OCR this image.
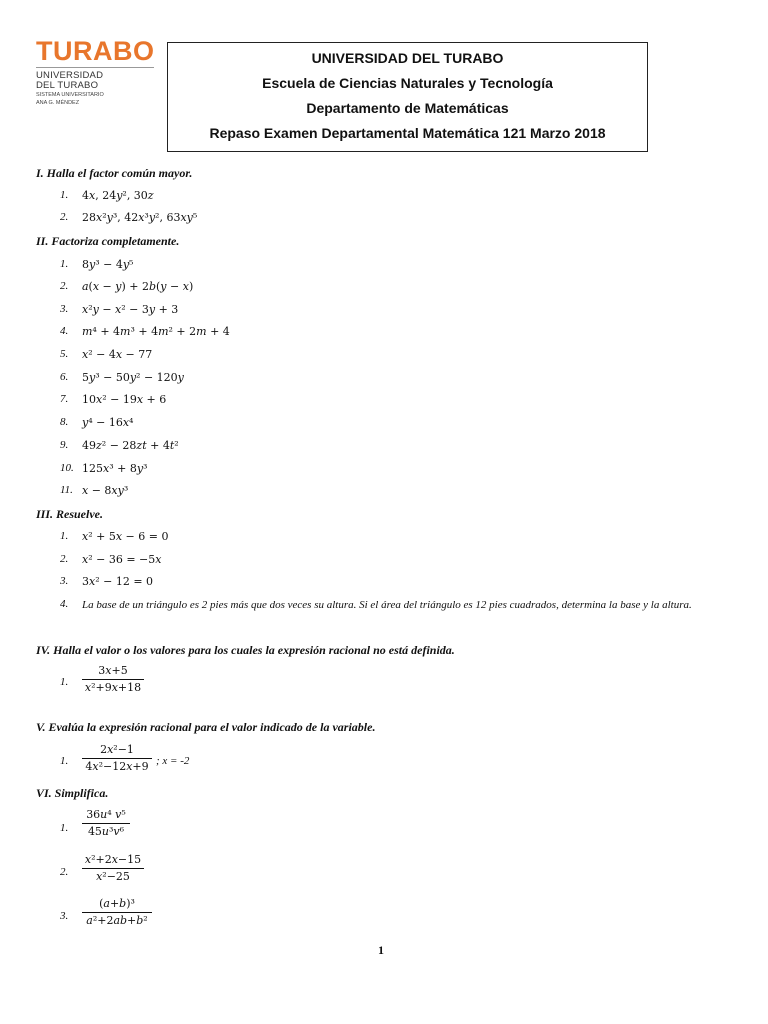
TURABO
UNIVERSIDAD
DEL TURABO
SISTEMA UNIVERSITARIO
ANA G. MÉNDEZ
UNIVERSIDAD DEL TURABO
Escuela de Ciencias Naturales y Tecnología
Departamento de Matemáticas
Repaso Examen Departamental Matemática 121 Marzo 2018
I. Halla el factor común mayor.
1. 4𝑥, 24𝑦², 30𝑧
2. 28𝑥²𝑦³, 42𝑥³𝑦², 63𝑥𝑦⁵
II. Factoriza completamente.
1. 8𝑦³ − 4𝑦⁵
2. 𝑎(𝑥 − 𝑦) + 2𝑏(𝑦 − 𝑥)
3. 𝑥²𝑦 − 𝑥² − 3𝑦 + 3
4. 𝑚⁴ + 4𝑚³ + 4𝑚² + 2𝑚 + 4
5. 𝑥² − 4𝑥 − 77
6. 5𝑦³ − 50𝑦² − 120𝑦
7. 10𝑥² − 19𝑥 + 6
8. 𝑦⁴ − 16𝑥⁴
9. 49𝑧² − 28𝑧𝑡 + 4𝑡²
10. 125𝑥³ + 8𝑦³
11. 𝑥 − 8𝑥𝑦³
III. Resuelve.
1. 𝑥² + 5𝑥 − 6 = 0
2. 𝑥² − 36 = −5𝑥
3. 3𝑥² − 12 = 0
4. La base de un triángulo es 2 pies más que dos veces su altura. Si el área del triángulo es 12 pies cuadrados, determina la base y la altura.
IV. Halla el valor o los valores para los cuales la expresión racional no está definida.
1.
3𝑥+5
𝑥²+9𝑥+18
V. Evalúa la expresión racional para el valor indicado de la variable.
1.
2𝑥²−1
4𝑥²−12𝑥+9 ; x = -2
VI. Simplifica.
1.
36𝑢⁴ 𝑣⁵
45𝑢³𝑣⁶
2.
𝑥²+2𝑥−15
𝑥²−25
3.
(𝑎+𝑏)³
𝑎²+2𝑎𝑏+𝑏²
1
